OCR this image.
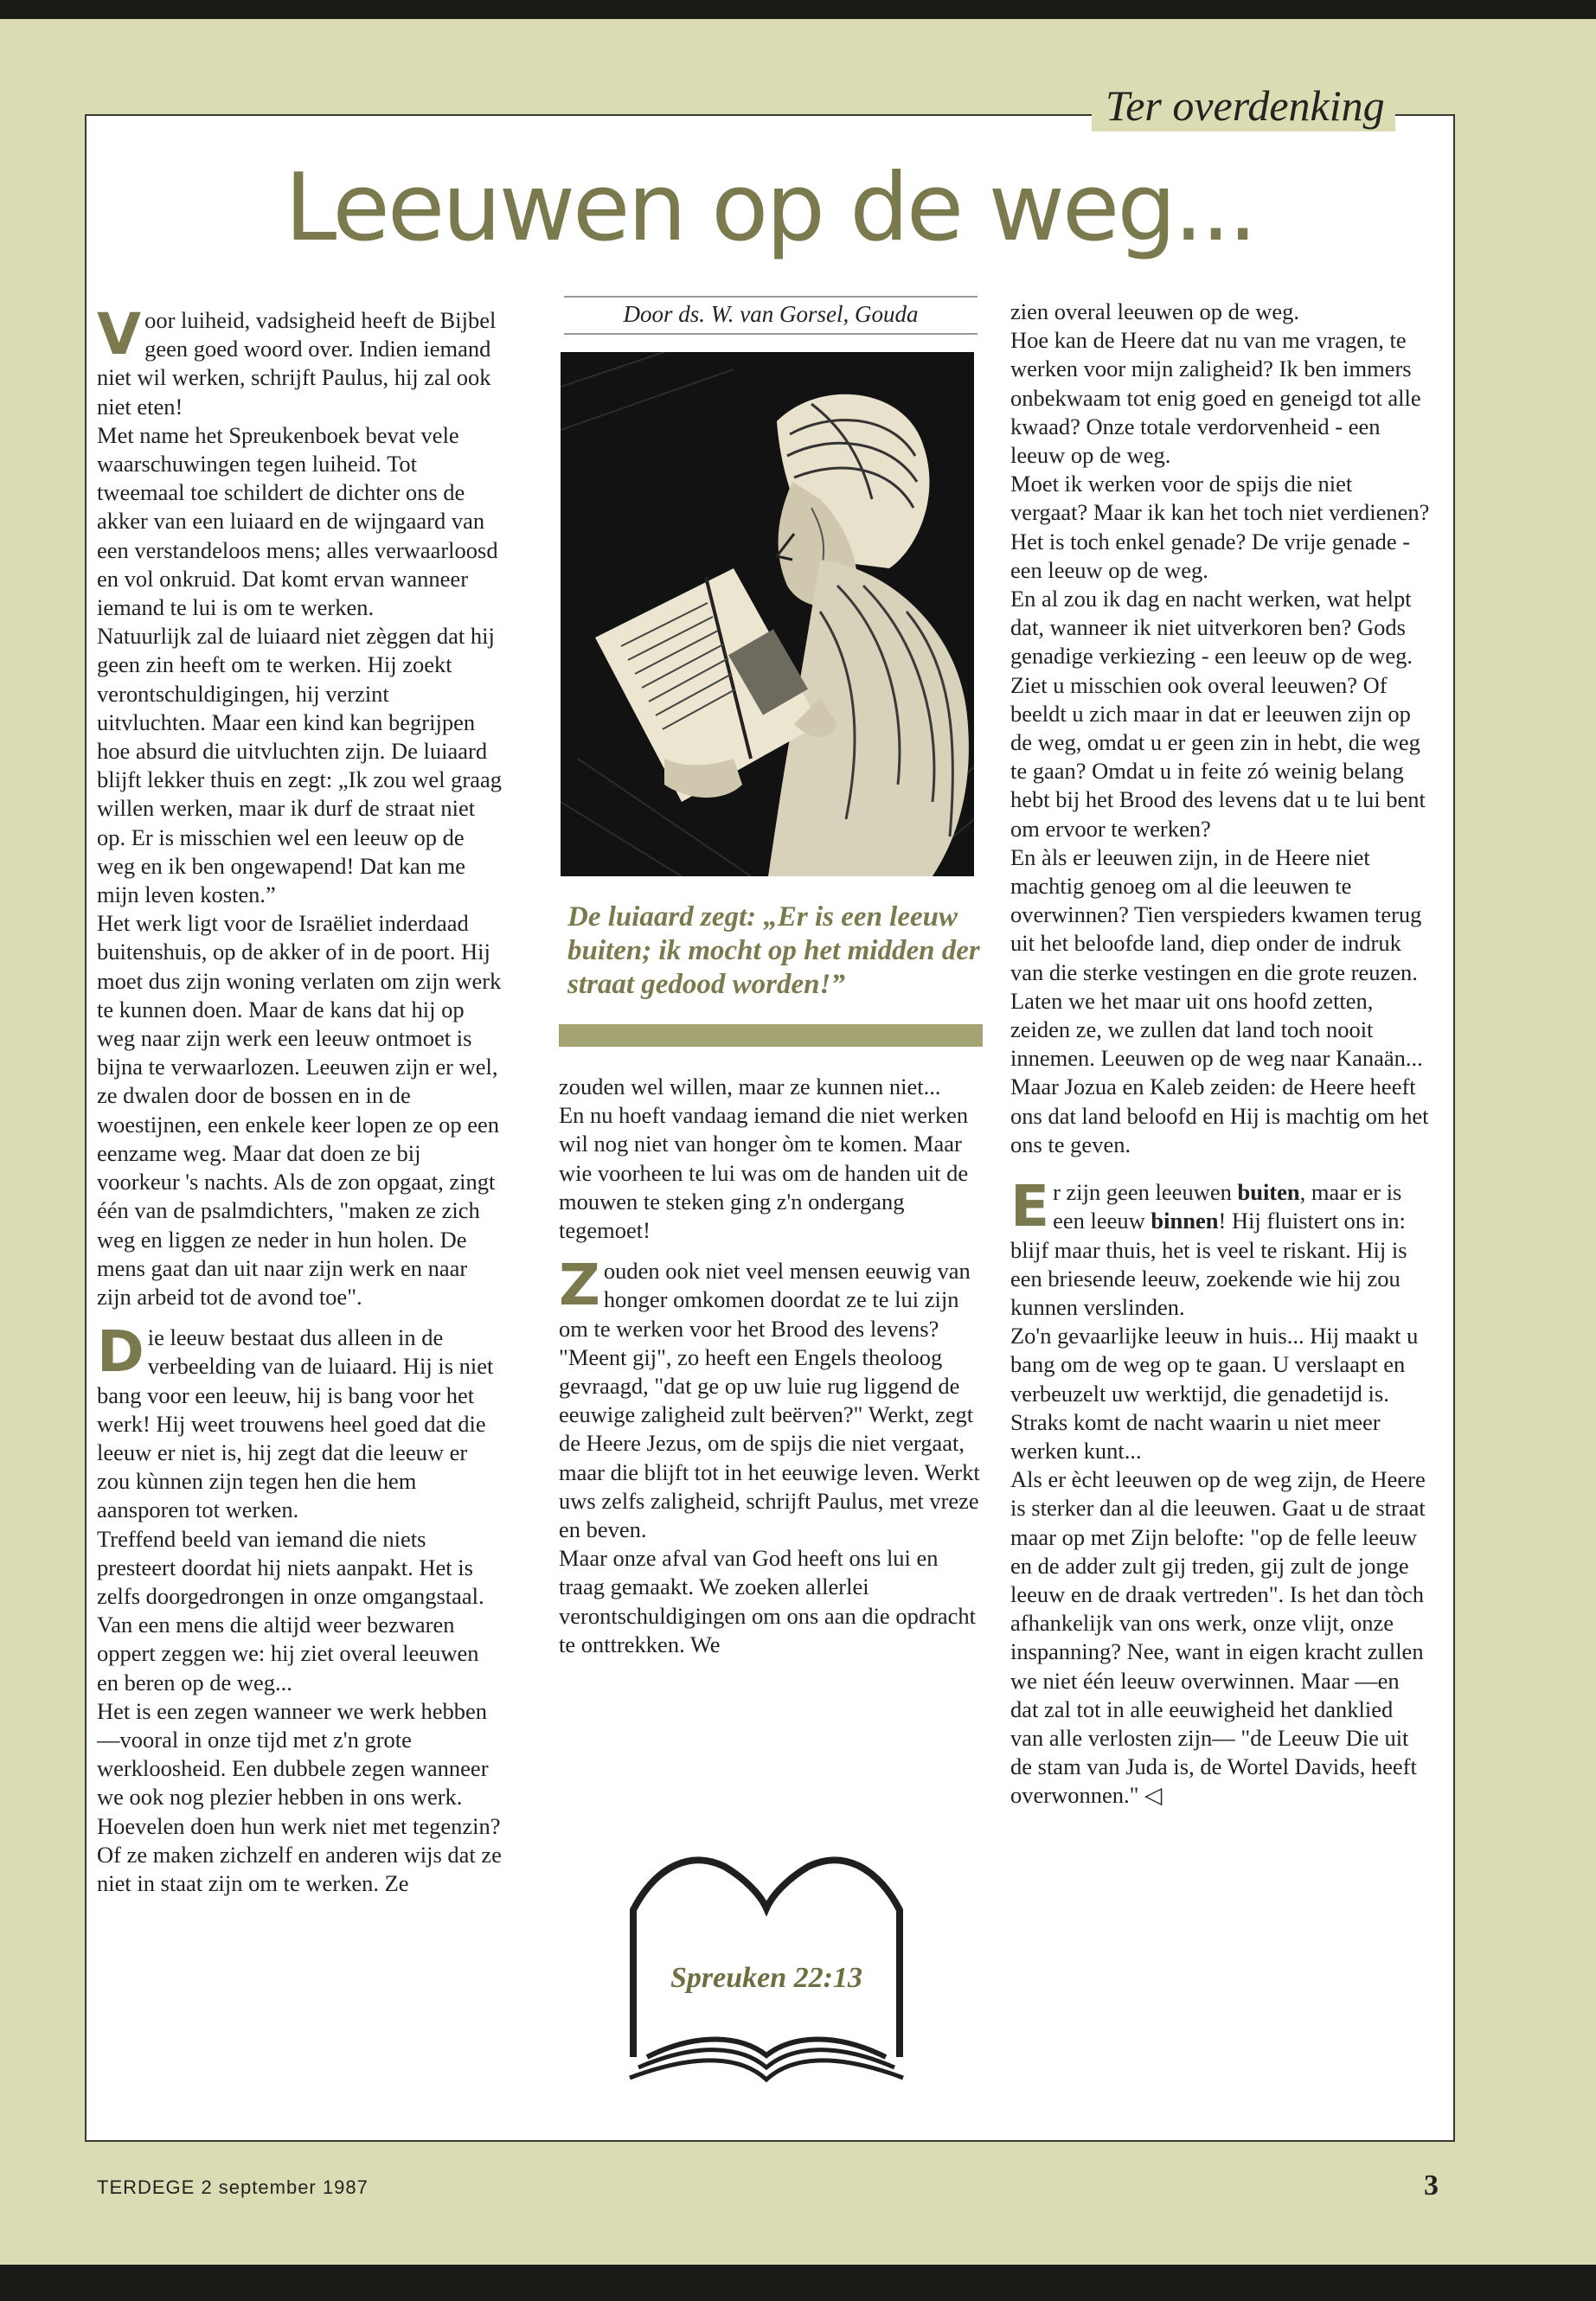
Ter overdenking
Leeuwen op de weg...

Voor luiheid, vadsigheid heeft de Bijbel geen goed woord over. Indien iemand niet wil werken, schrijft Paulus, hij zal ook niet eten!

Met name het Spreukenboek bevat vele waarschuwingen tegen luiheid. Tot tweemaal toe schildert de dichter ons de akker van een luiaard en de wijngaard van een verstandeloos mens; alles verwaarloosd en vol onkruid. Dat komt ervan wanneer iemand te lui is om te werken.

Natuurlijk zal de luiaard niet zèggen dat hij geen zin heeft om te werken. Hij zoekt verontschuldigingen, hij verzint uitvluchten. Maar een kind kan begrijpen hoe absurd die uitvluchten zijn. De luiaard blijft lekker thuis en zegt: „Ik zou wel graag willen werken, maar ik durf de straat niet op. Er is misschien wel een leeuw op de weg en ik ben ongewapend! Dat kan me mijn leven kosten.”

Het werk ligt voor de Israëliet inderdaad buitenshuis, op de akker of in de poort. Hij moet dus zijn woning verlaten om zijn werk te kunnen doen. Maar de kans dat hij op weg naar zijn werk een leeuw ontmoet is bijna te verwaarlozen. Leeuwen zijn er wel, ze dwalen door de bossen en in de woestijnen, een enkele keer lopen ze op een eenzame weg. Maar dat doen ze bij voorkeur 's nachts. Als de zon opgaat, zingt één van de psalmdichters, "maken ze zich weg en liggen ze neder in hun holen. De mens gaat dan uit naar zijn werk en naar zijn arbeid tot de avond toe".

Die leeuw bestaat dus alleen in de verbeelding van de luiaard. Hij is niet bang voor een leeuw, hij is bang voor het werk! Hij weet trouwens heel goed dat die leeuw er niet is, hij zegt dat die leeuw er zou kùnnen zijn tegen hen die hem aansporen tot werken.

Treffend beeld van iemand die niets presteert doordat hij niets aanpakt. Het is zelfs doorgedrongen in onze omgangstaal. Van een mens die altijd weer bezwaren oppert zeggen we: hij ziet overal leeuwen en beren op de weg...

Het is een zegen wanneer we werk hebben —vooral in onze tijd met z'n grote werkloosheid. Een dubbele zegen wanneer we ook nog plezier hebben in ons werk. Hoevelen doen hun werk niet met tegenzin? Of ze maken zichzelf en anderen wijs dat ze niet in staat zijn om te werken. Ze

Door ds. W. van Gorsel, Gouda
De luiaard zegt: „Er is een leeuw buiten; ik mocht op het midden der straat gedood worden!”

zouden wel willen, maar ze kunnen niet...

En nu hoeft vandaag iemand die niet werken wil nog niet van honger òm te komen. Maar wie voorheen te lui was om de handen uit de mouwen te steken ging z'n ondergang tegemoet!

Zouden ook niet veel mensen eeuwig van honger omkomen doordat ze te lui zijn om te werken voor het Brood des levens? "Meent gij", zo heeft een Engels theoloog gevraagd, "dat ge op uw luie rug liggend de eeuwige zaligheid zult beërven?" Werkt, zegt de Heere Jezus, om de spijs die niet vergaat, maar die blijft tot in het eeuwige leven. Werkt uws zelfs zaligheid, schrijft Paulus, met vreze en beven.

Maar onze afval van God heeft ons lui en traag gemaakt. We zoeken allerlei verontschuldigingen om ons aan die opdracht te onttrekken. We

Spreuken 22:13

zien overal leeuwen op de weg.

Hoe kan de Heere dat nu van me vragen, te werken voor mijn zaligheid? Ik ben immers onbekwaam tot enig goed en geneigd tot alle kwaad? Onze totale verdorvenheid - een leeuw op de weg.

Moet ik werken voor de spijs die niet vergaat? Maar ik kan het toch niet verdienen? Het is toch enkel genade? De vrije genade - een leeuw op de weg.

En al zou ik dag en nacht werken, wat helpt dat, wanneer ik niet uitverkoren ben? Gods genadige verkiezing - een leeuw op de weg.

Ziet u misschien ook overal leeuwen? Of beeldt u zich maar in dat er leeuwen zijn op de weg, omdat u er geen zin in hebt, die weg te gaan? Omdat u in feite zó weinig belang hebt bij het Brood des levens dat u te lui bent om ervoor te werken?

En àls er leeuwen zijn, in de Heere niet machtig genoeg om al die leeuwen te overwinnen? Tien verspieders kwamen terug uit het beloofde land, diep onder de indruk van die sterke vestingen en die grote reuzen. Laten we het maar uit ons hoofd zetten, zeiden ze, we zullen dat land toch nooit innemen. Leeuwen op de weg naar Kanaän... Maar Jozua en Kaleb zeiden: de Heere heeft ons dat land beloofd en Hij is machtig om het ons te geven.

Er zijn geen leeuwen buiten, maar er is een leeuw binnen! Hij fluistert ons in: blijf maar thuis, het is veel te riskant. Hij is een briesende leeuw, zoekende wie hij zou kunnen verslinden.

Zo'n gevaarlijke leeuw in huis... Hij maakt u bang om de weg op te gaan. U verslaapt en verbeuzelt uw werktijd, die genadetijd is. Straks komt de nacht waarin u niet meer werken kunt...

Als er ècht leeuwen op de weg zijn, de Heere is sterker dan al die leeuwen. Gaat u de straat maar op met Zijn belofte: "op de felle leeuw en de adder zult gij treden, gij zult de jonge leeuw en de draak vertreden". Is het dan tòch afhankelijk van ons werk, onze vlijt, onze inspanning? Nee, want in eigen kracht zullen we niet één leeuw overwinnen. Maar —en dat zal tot in alle eeuwigheid het danklied van alle verlosten zijn— "de Leeuw Die uit de stam van Juda is, de Wortel Davids, heeft overwonnen." ◁

TERDEGE 2 september 1987	3
